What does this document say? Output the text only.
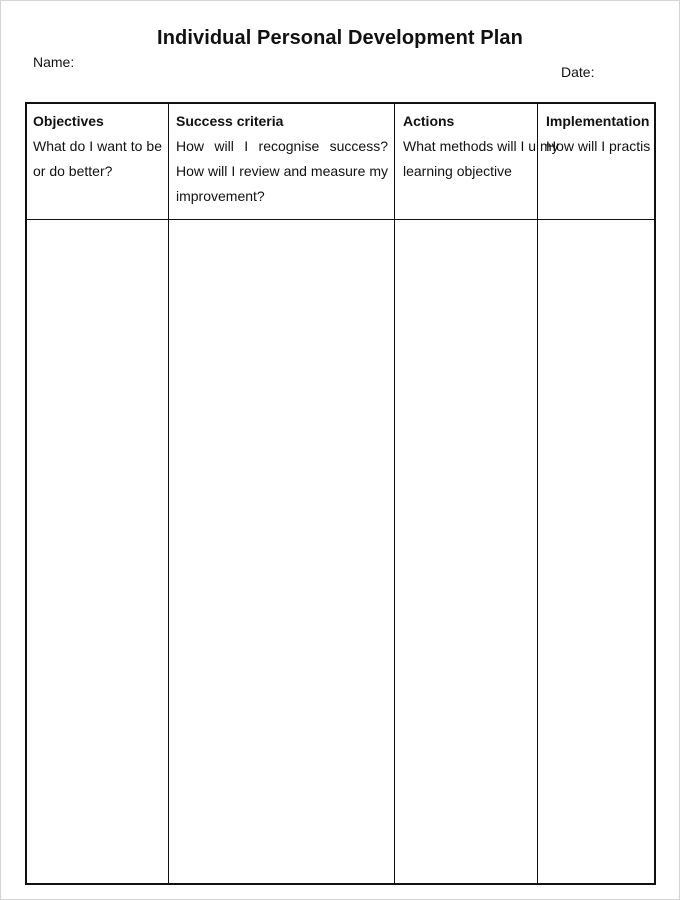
Individual Personal Development Plan
Name:
Date:
Objectives
What do I want to be or do better?
Success criteria
How will I recognise success? How will I review and measure my improvement?
Actions
What methods will I u my learning objective
Implementation
How will I practis
